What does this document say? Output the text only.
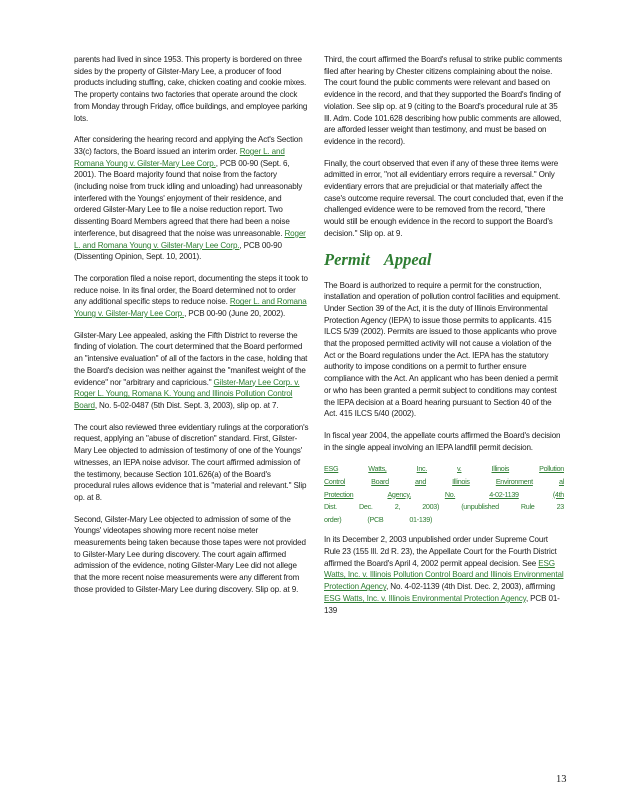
parents had lived in since 1953. This property is bordered on three sides by the property of Gilster-Mary Lee, a producer of food products including stuffing, cake, chicken coating and cookie mixes. The property contains two factories that operate around the clock from Monday through Friday, office buildings, and employee parking lots.

After considering the hearing record and applying the Act's Section 33(c) factors, the Board issued an interim order. Roger L. and Romana Young v. Gilster-Mary Lee Corp., PCB 00-90 (Sept. 6, 2001). The Board majority found that noise from the factory (including noise from truck idling and unloading) had unreasonably interfered with the Youngs' enjoyment of their residence, and ordered Gilster-Mary Lee to file a noise reduction report. Two dissenting Board Members agreed that there had been a noise interference, but disagreed that the noise was unreasonable. Roger L. and Romana Young v. Gilster-Mary Lee Corp., PCB 00-90 (Dissenting Opinion, Sept. 10, 2001).

The corporation filed a noise report, documenting the steps it took to reduce noise. In its final order, the Board determined not to order any additional specific steps to reduce noise. Roger L. and Romana Young v. Gilster-Mary Lee Corp., PCB 00-90 (June 20, 2002).

Gilster-Mary Lee appealed, asking the Fifth District to reverse the finding of violation. The court determined that the Board performed an "intensive evaluation" of all of the factors in the case, holding that the Board's decision was neither against the "manifest weight of the evidence" nor "arbitrary and capricious." Gilster-Mary Lee Corp. v. Roger L. Young, Romana K. Young and Illinois Pollution Control Board, No. 5-02-0487 (5th Dist. Sept. 3, 2003), slip op. at 7.

The court also reviewed three evidentiary rulings at the corporation's request, applying an "abuse of discretion" standard. First, Gilster-Mary Lee objected to admission of testimony of one of the Youngs' witnesses, an IEPA noise advisor. The court affirmed admission of the testimony, because Section 101.626(a) of the Board's procedural rules allows evidence that is "material and relevant." Slip op. at 8.

Second, Gilster-Mary Lee objected to admission of some of the Youngs' videotapes showing more recent noise meter measurements being taken because those tapes were not provided to Gilster-Mary Lee during discovery. The court again affirmed admission of the evidence, noting Gilster-Mary Lee did not allege that the more recent noise measurements were any different from those provided to Gilster-Mary Lee during discovery. Slip op. at 9.

Third, the court affirmed the Board's refusal to strike public comments filed after hearing by Chester citizens complaining about the noise. The court found the public comments were relevant and based on evidence in the record, and that they supported the Board's finding of violation. See slip op. at 9 (citing to the Board's procedural rule at 35 Ill. Adm. Code 101.628 describing how public comments are allowed, are afforded lesser weight than testimony, and must be based on evidence in the record).

Finally, the court observed that even if any of these three items were admitted in error, "not all evidentiary errors require a reversal." Only evidentiary errors that are prejudicial or that materially affect the case's outcome require reversal. The court concluded that, even if the challenged evidence were to be removed from the record, "there would still be enough evidence in the record to support the Board's decision." Slip op. at 9.

Permit Appeal

The Board is authorized to require a permit for the construction, installation and operation of pollution control facilities and equipment. Under Section 39 of the Act, it is the duty of Illinois Environmental Protection Agency (IEPA) to issue those permits to applicants. 415 ILCS 5/39 (2002). Permits are issued to those applicants who prove that the proposed permitted activity will not cause a violation of the Act or the Board regulations under the Act. IEPA has the statutory authority to impose conditions on a permit to further ensure compliance with the Act. An applicant who has been denied a permit or who has been granted a permit subject to conditions may contest the IEPA decision at a Board hearing pursuant to Section 40 of the Act. 415 ILCS 5/40 (2002).

In fiscal year 2004, the appellate courts affirmed the Board's decision in the single appeal involving an IEPA landfill permit decision.

ESG	Watts,	Inc.	v.	Illinois	Pollution
Control	Board	and	Illinois	Environment	al
Protection	Agency,	No.	4-02-1139	(4th
Dist.	Dec.	2,	2003)	(unpublished	Rule	23
order)	(PCB	01-139)

In its December 2, 2003 unpublished order under Supreme Court Rule 23 (155 Ill. 2d R. 23), the Appellate Court for the Fourth District affirmed the Board's April 4, 2002 permit appeal decision. See ESG Watts, Inc. v. Illinois Pollution Control Board and Illinois Environmental Protection Agency, No. 4-02-1139 (4th Dist. Dec. 2, 2003), affirming ESG Watts, Inc. v. Illinois Environmental Protection Agency, PCB 01-139

13
